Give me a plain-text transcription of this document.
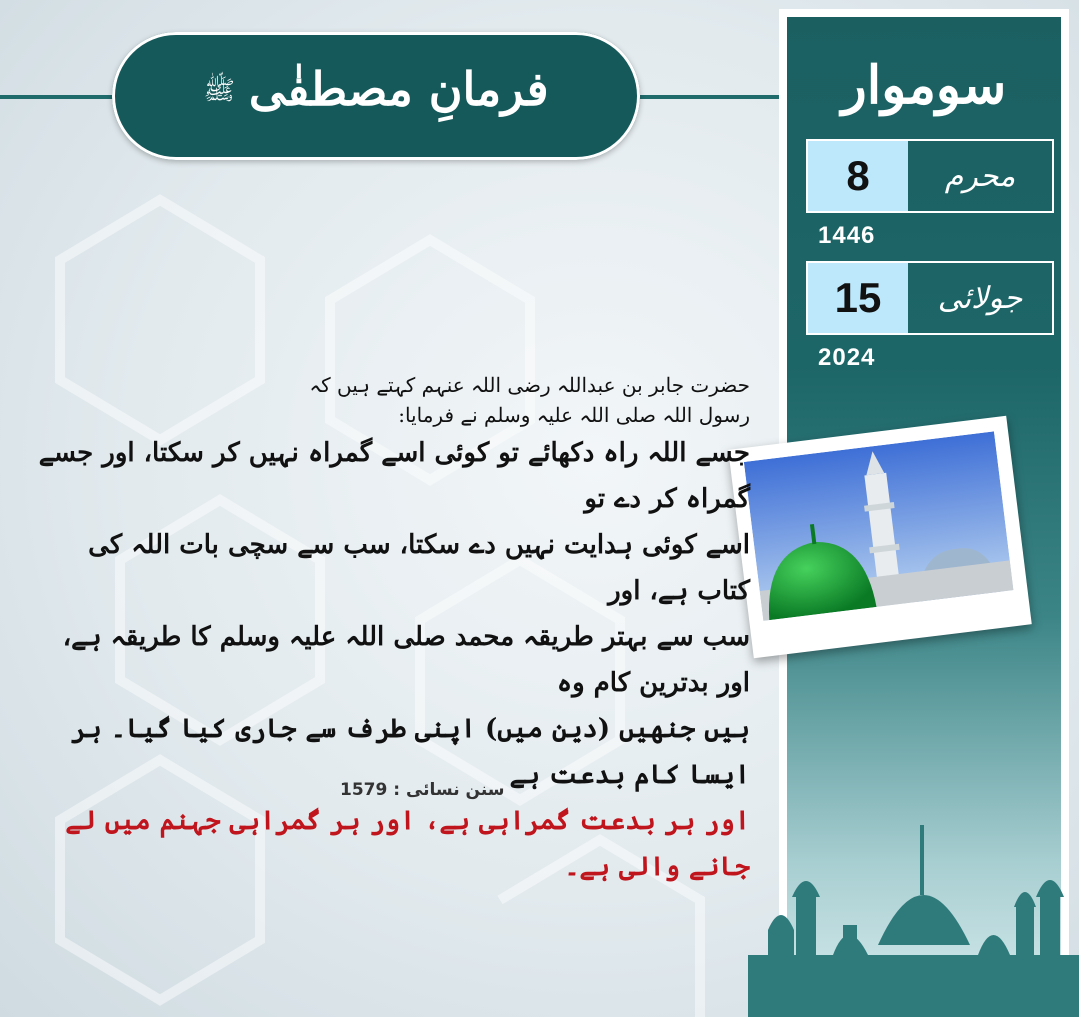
فرمانِ مصطفٰیﷺ	سوموار
8	محرم
1446
15	جولائی
2024

حضرت جابر بن عبداللہ رضی اللہ عنہم کہتے ہیں کہ

رسول اللہ صلی اللہ علیہ وسلم نے فرمایا:

جسے اللہ راہ دکھائے تو کوئی اسے گمراہ نہیں کر سکتا، اور جسے گمراہ کر دے تو

اسے کوئی ہدایت نہیں دے سکتا، سب سے سچی بات اللہ کی کتاب ہے، اور

سب سے بہتر طریقہ محمد صلی اللہ علیہ وسلم کا طریقہ ہے، اور بدترین کام وہ

ہیں جنھیں (دین میں) اپنی طرف سے جاری کیا گیا۔ ہر ایسا کام بدعت ہے

اور ہر بدعت گمراہی ہے، اور ہر گمراہی جہنم میں لے جانے والی ہے۔

سنن نسائی : 1579
